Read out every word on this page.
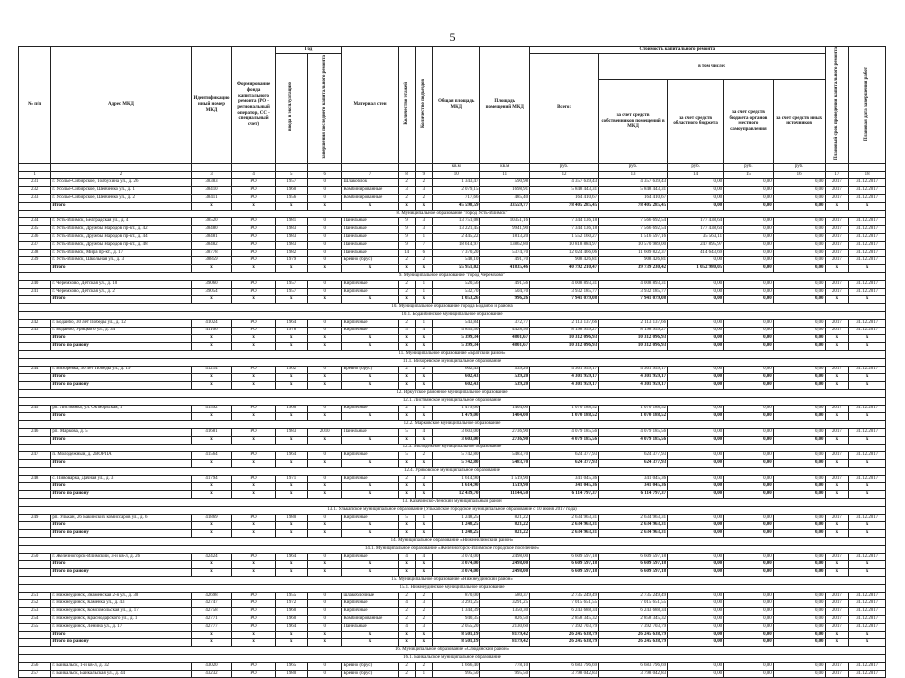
5
№ п/п	Адрес МКД	Идентификацио нный номер МКД	Формирование фонда капитального ремонта (РО - региональный оператор, СС - специальный счет)	Год		Материал стен	Количество этажей	Количество подъездов	Общая площадь МКД	Площадь помещений МКД	Стоимость капитального ремонта					Плановый срок проведения капитального ремонта	Плановая дата завершения работ
				ввода в эксплуатацию	завершения последнего капитального ремонта						Всего:	в том числе:					
												за счет средств собственников помещений в МКД	за счет средств областного бюджета	за счет средств бюджета органов местного самоуправления	за счет средств иных источников		
									кв.м	кв.м	руб.	руб.	руб.	руб.	руб.		
1	2	3	4	5	6	7	8	9	10	11	12	13	14	15	16	17	18
231	г. Усолье-Сибирское, Толбухина ул., д. 26	38383	РО	1957	0	Шлакоблок	2	2	1 343,47	590,98	4 357 639,43	4 357 639,43	0,00	0,00	0,00	2017	31.12.2017
232	г. Усолье-Сибирское, Шевченко ул., д. 1	38410	РО	1960	0	Комбинированные	3	3	2 079,15	1698,91	5 848 443,31	5 848 443,31	0,00	0,00	0,00	2017	31.12.2017
233	г. Усолье-Сибирское, Шевченко ул., д. 2	38411	РО	1956	0	Комбинированные	2	2	717,66	485,40	164 410,67	164 410,67	0,00	0,00	0,00	2017	31.12.2017
	Итого	х	х	х	х	х	х	х	45 598,59	33559,77	78 405 285,45	78 405 285,45	0,00	0,00	0,00	х	х
8. Муниципальное образование "город Усть-Илимск"																	
234	г. Усть-Илимск, Белградская ул., д. 4	38520	РО	1981	0	Панельные	9	3	13 751,08	10351,16	7 344 136,18	7 566 692,54	177 438,64	0,00	0,00	2017	31.12.2017
235	г. Усть-Илимск, Дружбы Народов пр-кт., д. 42	38480	РО	1983	0	Панельные	9	3	13 221,45	9941,90	7 344 136,18	7 566 692,54	177 438,64	0,00	0,00	2017	31.12.2017
236	г. Усть-Илимск, Дружбы Народов пр-кт., д. 44	38481	РО	1983	0	Панельные	9	1	2 445,22	1813,20	1 552 160,27	1 516 597,16	35 563,11	0,00	0,00	2017	31.12.2017
237	г. Усть-Илимск, Дружбы Народов пр-кт., д. 48	38482	РО	1983	0	Панельные	9	7	18 614,97	13862,80	10 818 884,97	10 570 989,00	247 895,97	0,00	0,00	2017	31.12.2017
238	г. Усть-Илимск, Мира пр-кт., д. 17	38778	РО	1982	0	Панельные	14	6	7 370,20	5374,70	12 024 466,06	11 609 822,37	414 643,69	0,00	0,00	2017	31.12.2017
239	г. Усть-Илимск, Школьная ул., д. 3	38859	РО	1979	0	Бревно (брус)	2	2	548,10	491,70	908 426,81	908 426,81	0,00	0,00	0,00	2017	31.12.2017
	Итого	х	х	х	х	х	х	х	55 951,02	41835,46	40 792 210,47	39 739 230,42	1 052 980,05	0,00	0,00	х	х
9. Муниципальное образование "город Черемхово"																	
240	г. Черемхово, Детская ул., д. 10	39060	РО	1957	0	Кирпичные	2	1	520,56	491,56	4 008 893,31	4 008 893,31	0,00	0,00	0,00	2017	31.12.2017
241	г. Черемхово, Детская ул., д. 2	39054	РО	1957	0	Кирпичные	2	1	532,70	504,70	3 932 185,77	3 932 185,77	0,00	0,00	0,00	2017	31.12.2017
	Итого	х	х	х	х	х	х	х	1 053,26	996,26	7 941 079,08	7 941 079,08	0,00	0,00	0,00	х	х
10. Муниципальное образование города Бодайбо и района																	
10.1. Бодайбинское муниципальное образование																	
242	г. Бодайбо, 30 лет Победы ул., д. 12	41024	РО	1964	0	Кирпичные	2	1	543,84	372,77	2 113 137,66	2 113 137,66	0,00	0,00	0,00	2017	31.12.2017
243	г. Бодайбо, Урицкого ул., д. 34	41106	РО	1978	0	Кирпичные	5	4	4 855,50	4428,50	8 198 959,27	8 198 959,27	0,00	0,00	0,00	2017	31.12.2017
	Итого	х	х	х	х	х	х	х	5 399,34	4801,67	10 312 096,93	10 312 096,93	0,00	0,00	0,00	х	х
	Итого по району	х	х	х	х	х	х	х	5 399,34	4801,67	10 312 096,93	10 312 096,93	0,00	0,00	0,00	х	х
11. Муниципальное образование «Братский район»																	
11.1. Вихоревское муниципальное образование																	
244	г. Вихоревка, 30 лет Победы ул., д. 19	41214	РО	1962	0	Бревно (брус)	2	2	602,43	539,20	4 301 959,17	4 301 959,17	0,00	0,00	0,00	2017	31.12.2017
	Итого	х	х	х	х	х	х	х	602,43	539,20	4 301 959,17	4 301 959,17	0,00	0,00	0,00	х	х
	Итого по району	х	х	х	х	х	х	х	602,43	539,20	4 301 959,17	4 301 959,17	0,00	0,00	0,00	х	х
12. Иркутское районное муниципальное образование																	
12.1. Листвянское муниципальное образование																	
245	рп. Листвянка, ул. Октябрьская, 1	41592	РО	1960	0	Кирпичные	2	1	1 479,00	1404,00	1 070 188,52	1 070 188,52	0,00	0,00	0,00	2017	31.12.2017
	Итого	х	х	х	х	х	х	х	1 479,00	1404,00	1 070 188,52	1 070 188,52	0,00	0,00	0,00	х	х
12.2. Марковское муниципальное образование																	
246	рп. Маркова, д. 5	41681	РО	1983	2010	Панельные	5	4	3 603,00	2736,90	4 079 185,56	4 079 185,56	0,00	0,00	0,00	2017	31.12.2017
	Итого	х	х	х	х	х	х	х	3 603,00	2736,90	4 079 185,56	4 079 185,56	0,00	0,00	0,00	х	х
12.3. Молодежное муниципальное образование																	
247	п. Молодежный, д. 2ВОРПА	41564	РО	1964	0	Кирпичные	5	2	5 742,80	5483,70	624 377,93	624 377,93	0,00	0,00	0,00	2017	31.12.2017
	Итого	х	х	х	х	х	х	х	5 742,80	5483,70	624 377,93	624 377,93	0,00	0,00	0,00	х	х
12.4. Уриковское муниципальное образование																	
248	с. Пивоварка, Дачная ул., д. 3	41794	РО	1971	0	Кирпичные	2	3	1 614,90	1 519,90	341 045,36	341 045,36	0,00	0,00	0,00	2017	31.12.2017
	Итого	х	х	х	х	х	х	х	1 614,90	1519,90	341 045,36	341 045,36	0,00	0,00	0,00	х	х
	Итого по району	х	х	х	х	х	х	х	12 439,70	11144,50	6 114 797,37	6 114 797,37	0,00	0,00	0,00	х	х
13. Казачинско-Ленский муниципальный район																	
13.1. Улькапское муниципальное образование (Улькапское городское муниципальное образование с 10 июня 2017 года)																	
249	рп. Улькан, 26 Бакинских комиссаров ул., д. 6	41869	РО	1980	0	Кирпичные	5	1	1 248,25	821,22	2 634 963,31	2 634 963,31	0,00	0,00	0,00	2017	31.12.2017
	Итого	х	х	х	х	х	х	х	1 248,25	821,22	2 634 963,31	2 634 963,31	0,00	0,00	0,00	х	х
	Итого по району	х	х	х	х	х	х	х	1 248,25	821,22	2 634 963,31	2 634 963,31	0,00	0,00	0,00	х	х
14. Муниципальное образование «Нижнеилимский район»																	
14.1. Муниципальное образование «Железногорск-Илимское городское поселение»																	
250	г. Железногорск-Илимский, 3-й кв-л, д. 26	42424	РО	1964	0	Кирпичные	4	4	3 074,00	2498,00	6 609 597,18	6 609 597,18	0,00	0,00	0,00	2017	31.12.2017
	Итого	х	х	х	х	х	х	х	3 074,00	2498,00	6 609 597,18	6 609 597,18	0,00	0,00	0,00	х	х
	Итого по району	х	х	х	х	х	х	х	3 074,00	2498,00	6 609 597,18	6 609 597,18	0,00	0,00	0,00	х	х
15. Муниципальное образование «Нижнеудинский район»																	
15.1. Нижнеудинское муниципальное образование																	
251	г. Нижнеудинск, Знаменская 2-я ул., д. 30	42698	РО	1955	0	шлакоблочные	2	2	870,00	580,37	2 735 249,49	2 735 249,49	0,00	0,00	0,00	2017	31.12.2017
252	г. Нижнеудинск, Каменка ул., д. 43	42747	РО	1972	0	Кирпичные	4	3	3 291,25	3291,25	7 015 651,55	7 015 651,55	0,00	0,00	0,00	2017	31.12.2017
253	г. Нижнеудинск, Комсомольская ул., д. 17	42758	РО	1960	0	Кирпичные	2	2	1 344,39	1350,30	6 243 688,34	6 243 688,34	0,00	0,00	0,00	2017	31.12.2017
254	г. Нижнеудинск, Краснодарского ул., д. 1	42771	РО	1960	0	Комбинированные	2	2	940,35	826,50	2 858 345,32	2 858 345,32	0,00	0,00	0,00	2017	31.12.2017
255	г. Нижнеудинск, Ленина ул., д. 17	42777	РО	1964	0	Панельные	4	3	2 055,20	2130,60	7 392 703,79	7 392 703,79	0,00	0,00	0,00	2017	31.12.2017
	Итого	х	х	х	х	х	х	х	8 501,19	8179,42	26 245 638,79	26 245 638,79	0,00	0,00	0,00	х	х
	Итого по району	х	х	х	х	х	х	х	8 501,19	8179,42	26 245 638,79	26 245 638,79	0,00	0,00	0,00	х	х
16. Муниципальное образование «Слюдянский район»																	
16.1. Байкальское муниципальное образование																	
256	г. Байкальск, 1-й кв-л, д. 32	43020	РО	1965	0	Бревно (брус)	2	2	1 666,40	778,10	6 683 796,69	6 683 796,69	0,00	0,00	0,00	2017	31.12.2017
257	г. Байкальск, Байкальская ул., д. 44	43232	РО	1980	0	Бревно (брус)	2	1	995,50	995,50	3 798 042,83	3 798 042,83	0,00	0,00	0,00	2017	31.12.2017
